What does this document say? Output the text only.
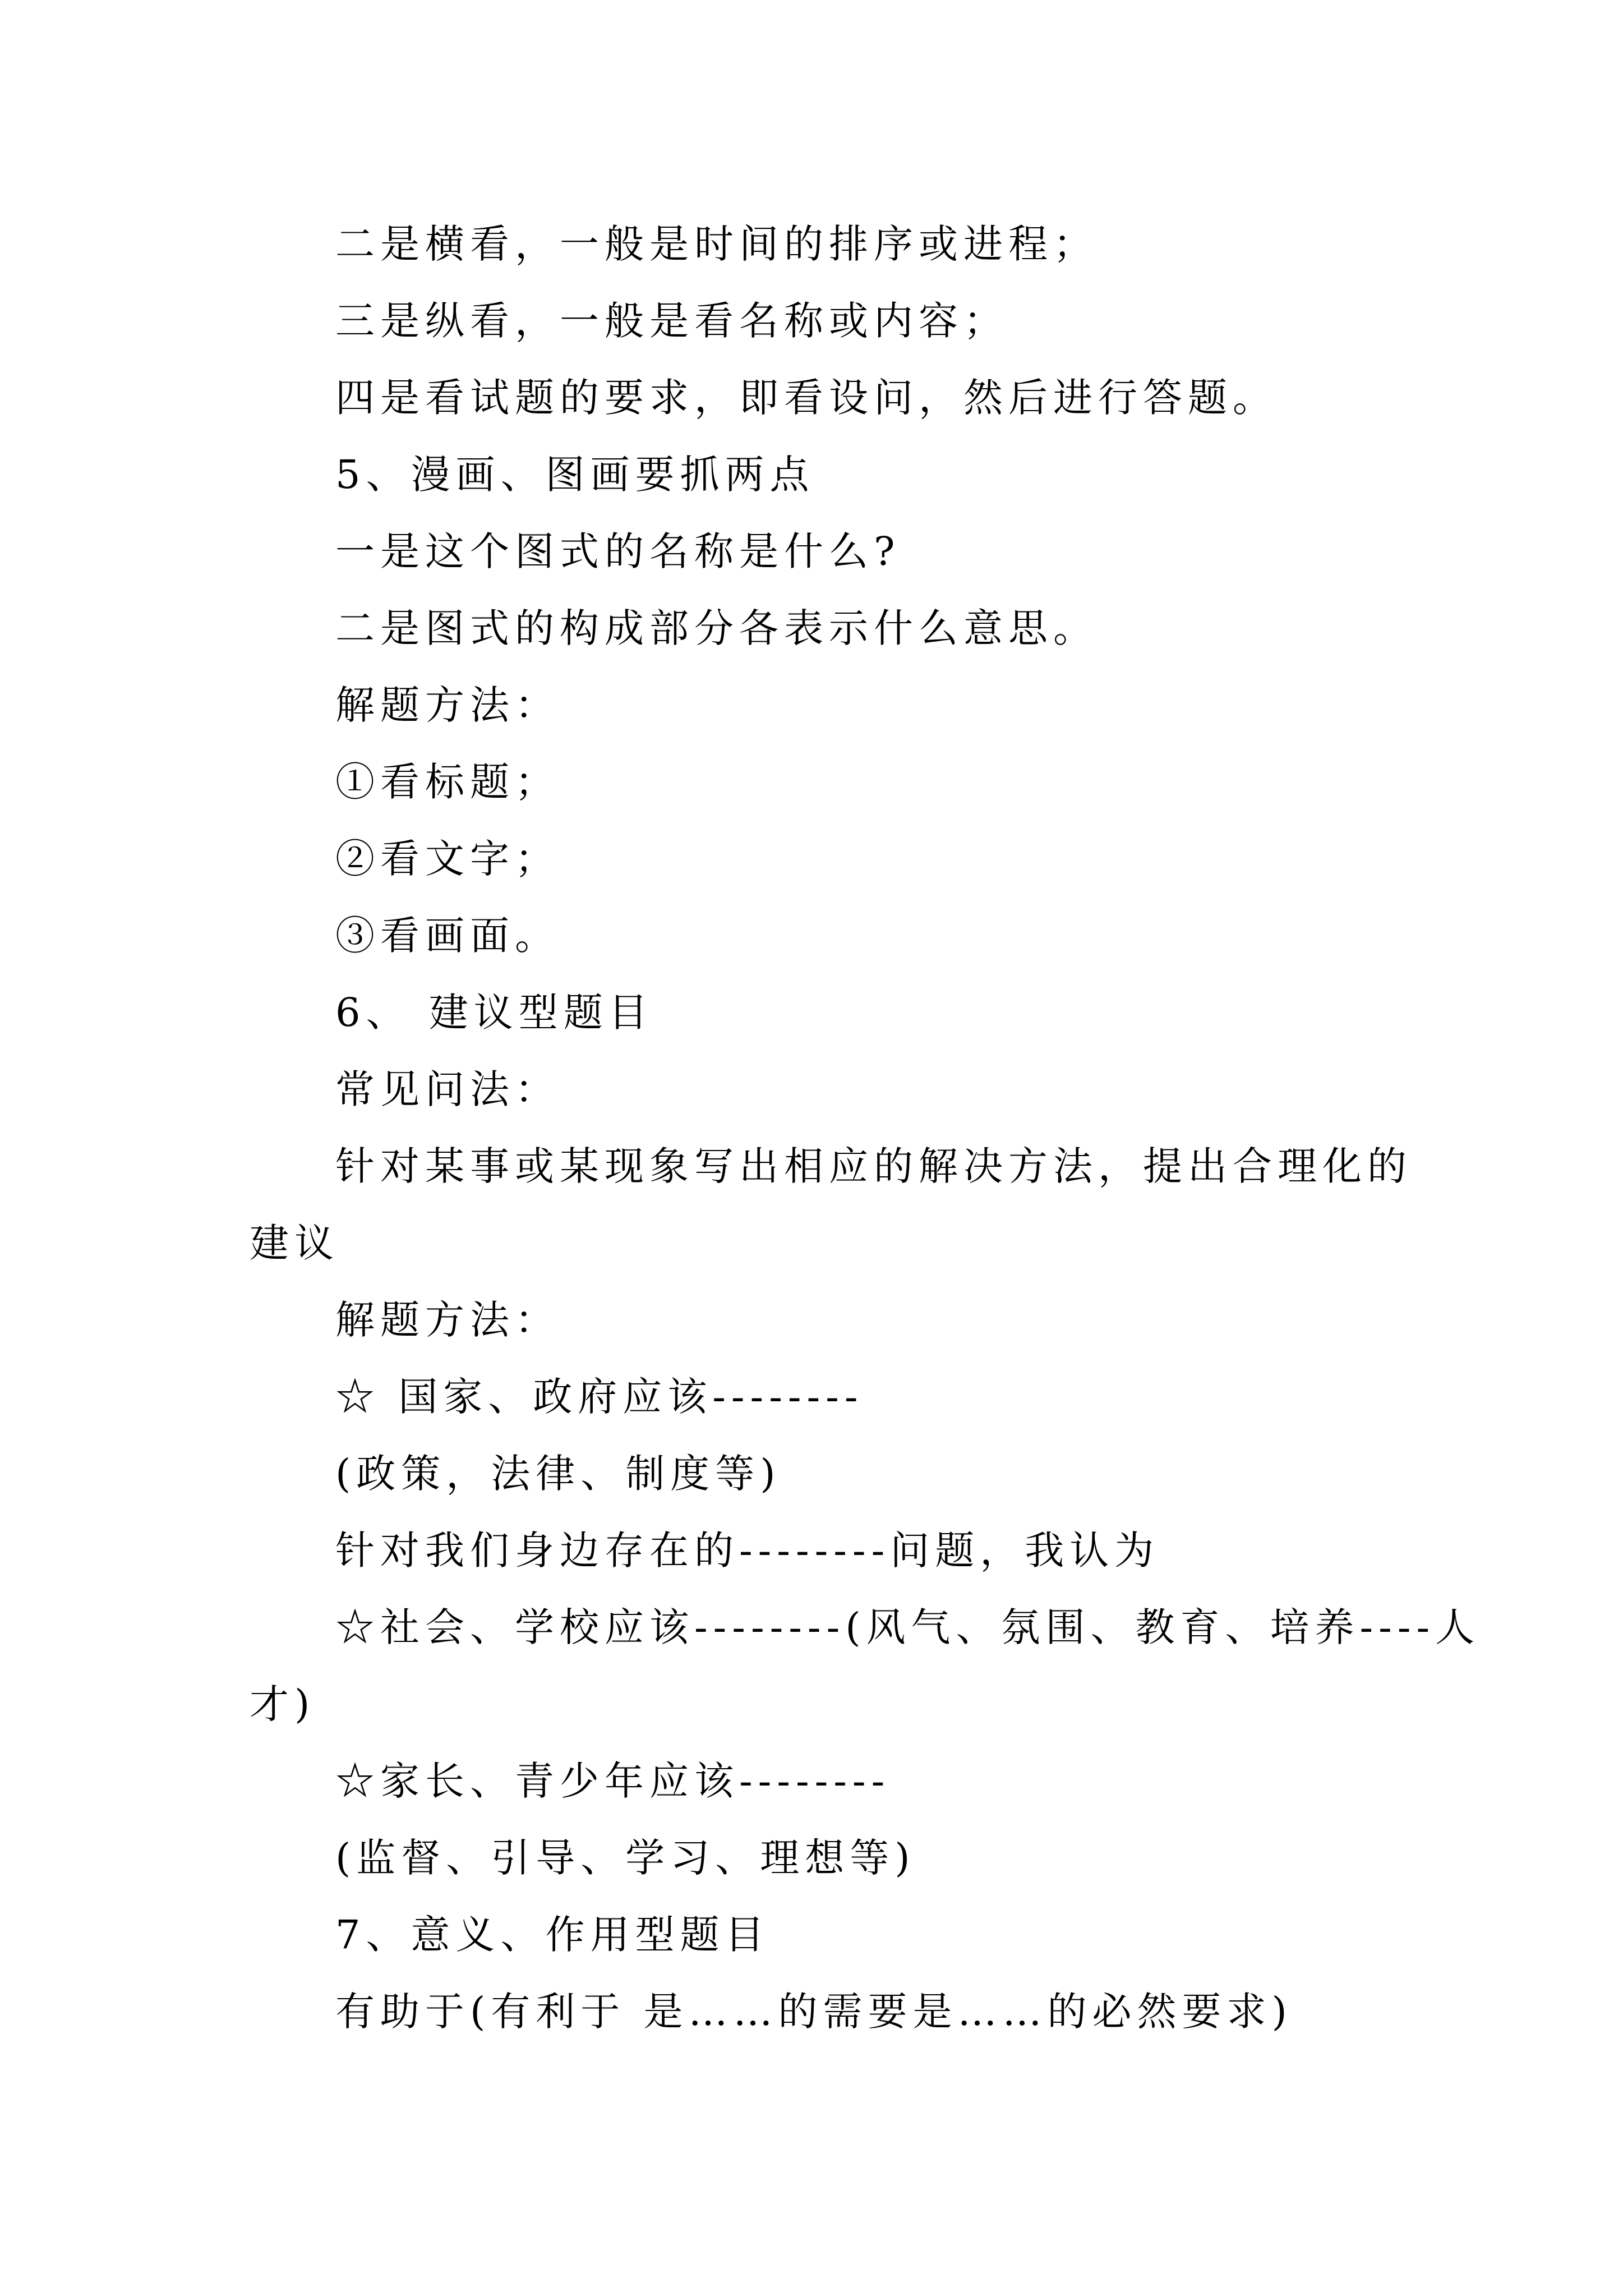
二是横看，一般是时间的排序或进程；
三是纵看，一般是看名称或内容；
四是看试题的要求，即看设问，然后进行答题。
5、漫画、图画要抓两点
一是这个图式的名称是什么?
二是图式的构成部分各表示什么意思。
解题方法：
①看标题；
②看文字；
③看画面。
6、 建议型题目
常见问法：
针对某事或某现象写出相应的解决方法，提出合理化的
建议
解题方法：
☆ 国家、政府应该--------
(政策，法律、制度等)
针对我们身边存在的--------问题，我认为
☆社会、学校应该--------(风气、氛围、教育、培养----人
才)
☆家长、青少年应该--------
(监督、引导、学习、理想等)
7、意义、作用型题目
有助于(有利于 是……的需要是……的必然要求)
